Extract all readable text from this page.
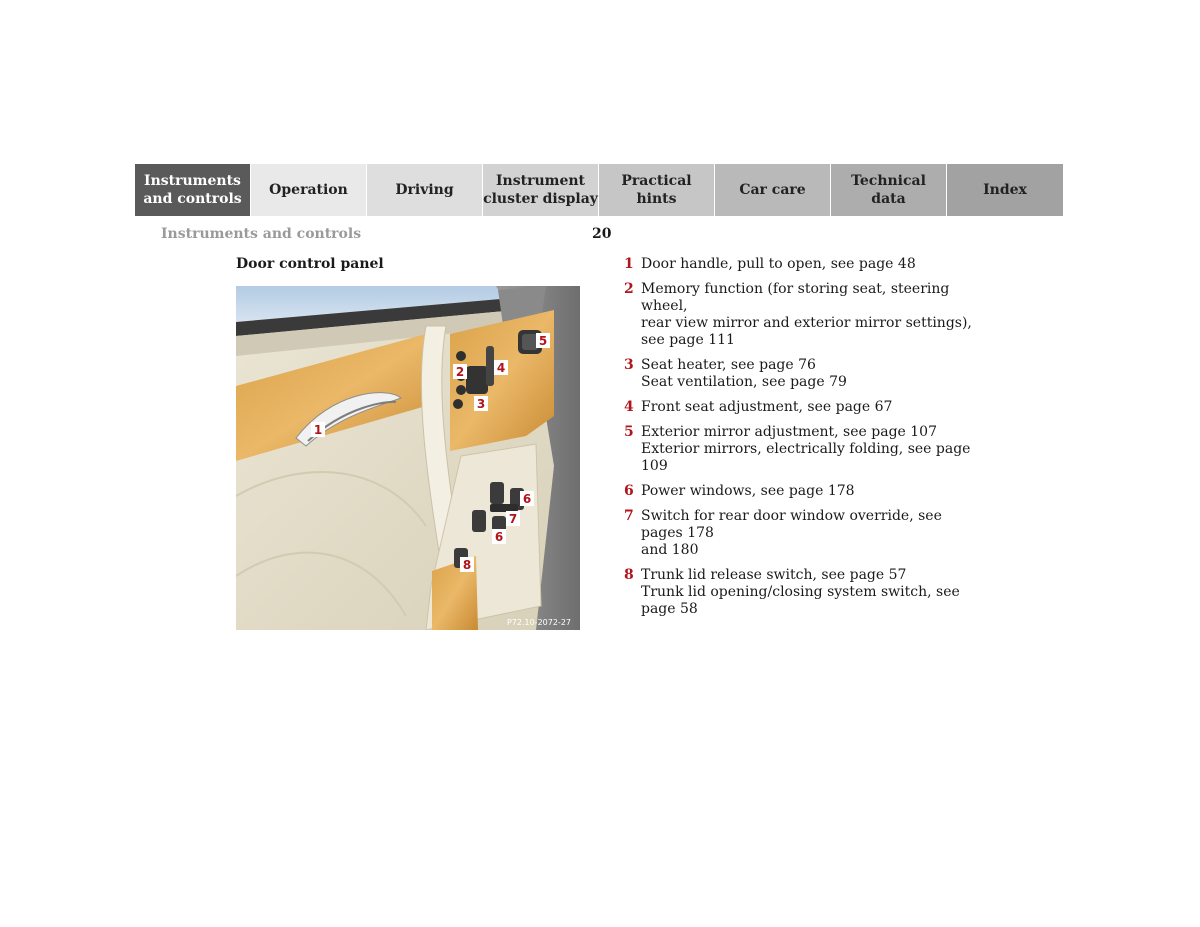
Instruments
and controls
Operation	Driving
Instrument
cluster display
Practical hints
Car care
Technical
data
Index
Instruments and controls	20
Door control panel
1
2
3
4
5
6
7
6
8
P72.10-2072-27
1 Door handle, pull to open, see page 48
2 Memory function (for storing seat, steering wheel,
rear view mirror and exterior mirror settings),
see page 111
3 Seat heater, see page 76
Seat ventilation, see page 79
4 Front seat adjustment, see page 67
5 Exterior mirror adjustment, see page 107
Exterior mirrors, electrically folding, see page 109
6 Power windows, see page 178
7 Switch for rear door window override, see pages 178
and 180
8 Trunk lid release switch, see page 57
Trunk lid opening/closing system switch, see
page 58
